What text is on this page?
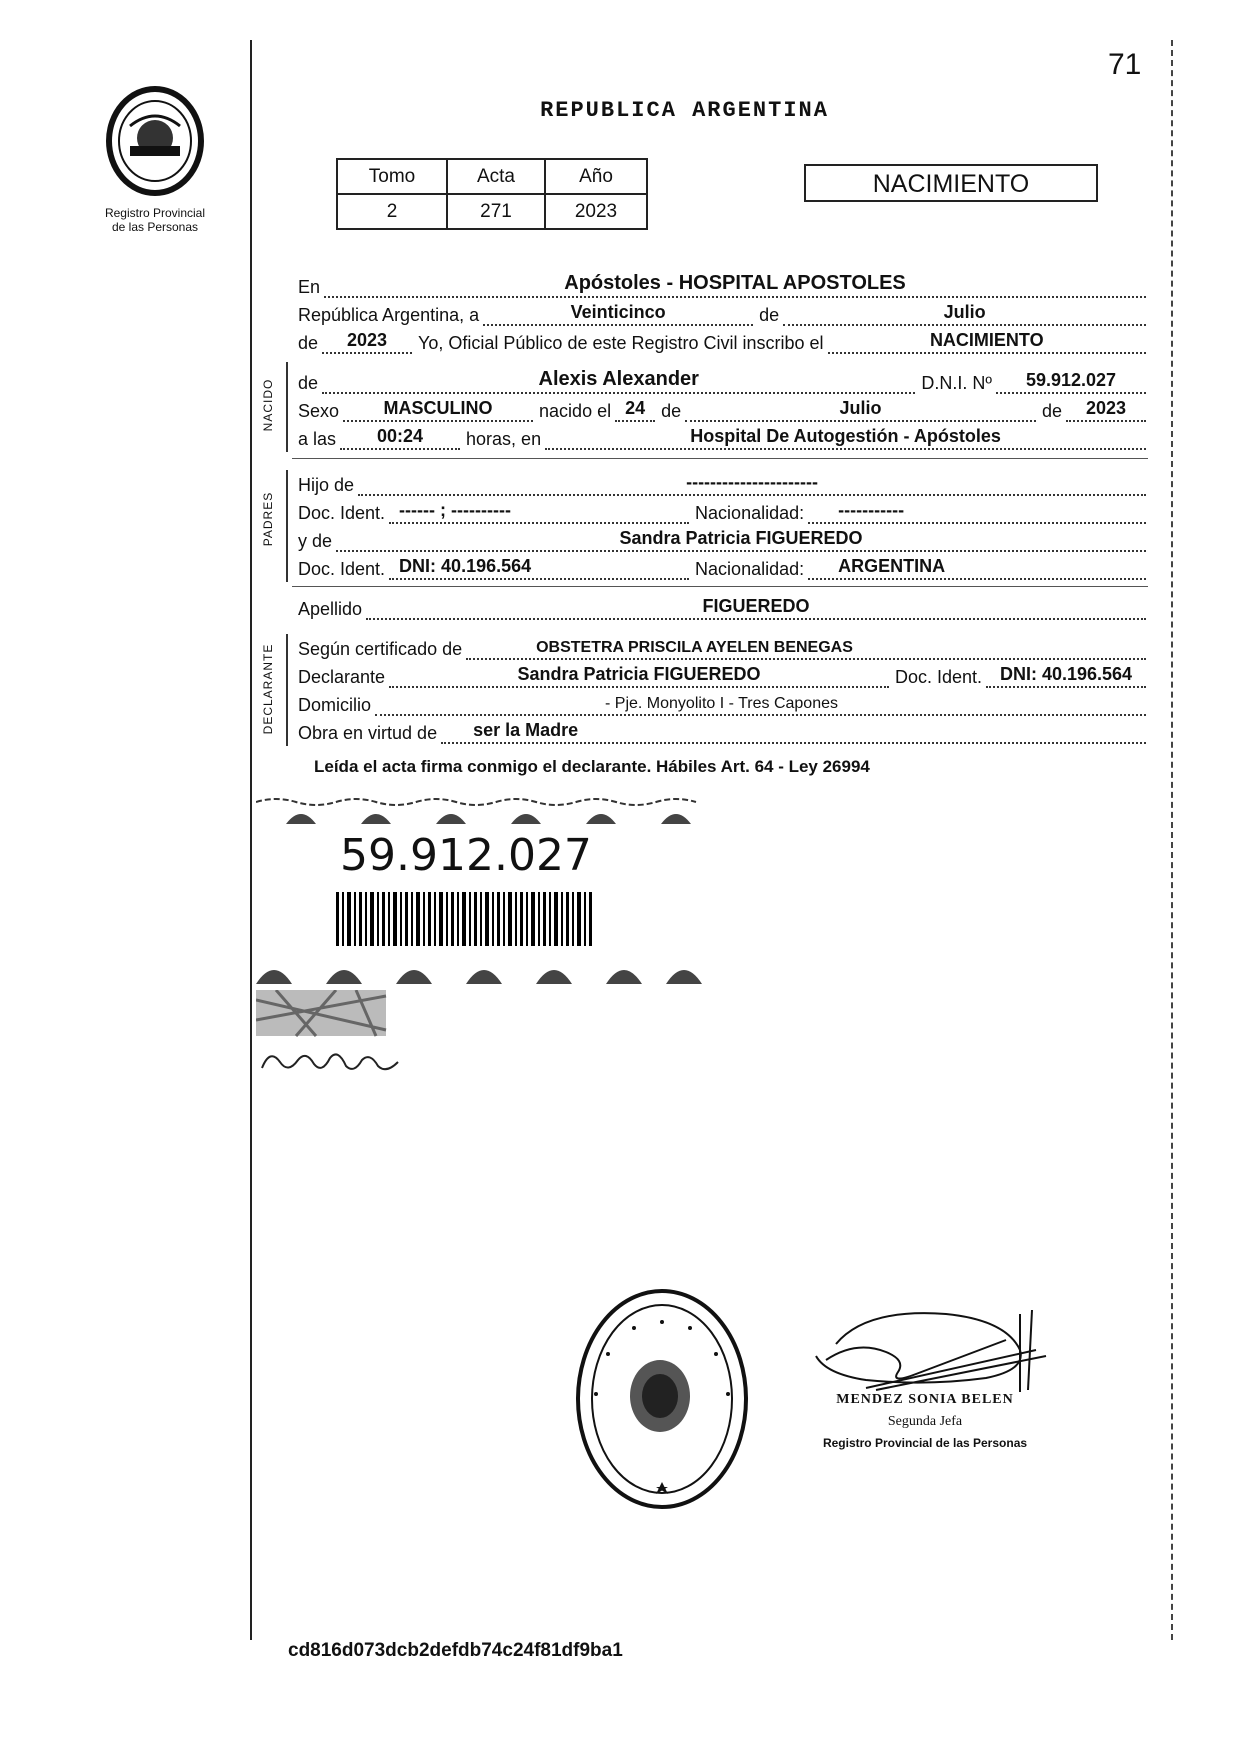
71
Registro Provincial
de las Personas
REPUBLICA ARGENTINA
Tomo	Acta	Año
2	271	2023
NACIMIENTO
En	Apóstoles - HOSPITAL APOSTOLES
República Argentina, a	Veinticinco	de	Julio
de	2023	Yo, Oficial Público de este Registro Civil inscribo el	NACIMIENTO
NACIDO de	Alexis Alexander	D.N.I. Nº	59.912.027
Sexo	MASCULINO	nacido el 24 de	Julio	de	2023
a las	00:24	horas, en	Hospital De Autogestión - Apóstoles
PADRES
Hijo de	----------------------
Doc. Ident. ------ ; ----------	Nacionalidad:	-----------
y de	Sandra Patricia FIGUEREDO
Doc. Ident. DNI: 40.196.564	Nacionalidad:	ARGENTINA
Apellido	FIGUEREDO
DECLARANTE Según certificado de	OBSTETRA PRISCILA AYELEN BENEGAS
Declarante	Sandra Patricia FIGUEREDO	Doc. Ident. DNI: 40.196.564
Domicilio	- Pje. Monyolito I - Tres Capones
Obra en virtud de	ser la Madre
Leída el acta firma conmigo el declarante. Hábiles Art. 64 - Ley 26994
59.912.027
MENDEZ SONIA BELEN
Segunda Jefa
Registro Provincial de las Personas
cd816d073dcb2defdb74c24f81df9ba1
